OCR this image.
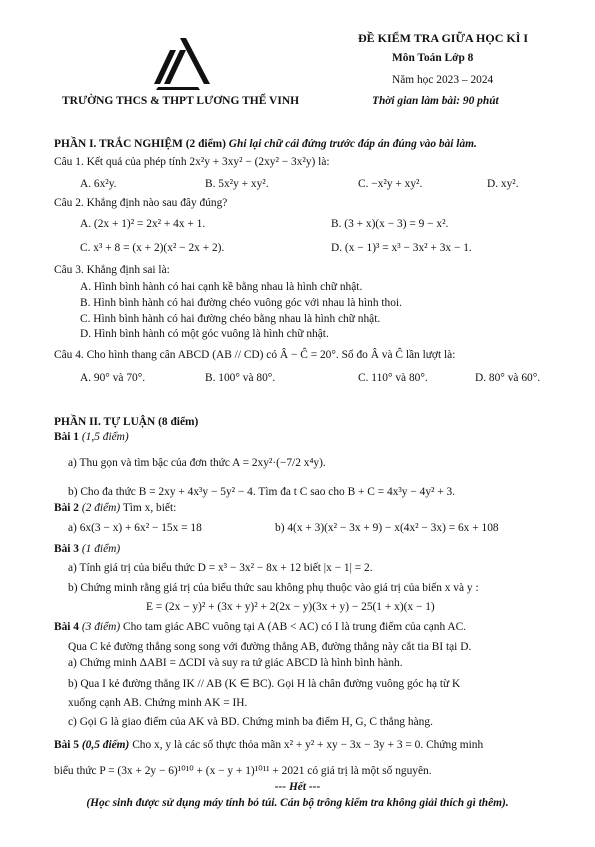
TRƯỜNG THCS & THPT LƯƠNG THẾ VINH
ĐỀ KIỂM TRA GIỮA HỌC KÌ I
Môn Toán Lớp 8
Năm học 2023 – 2024
Thời gian làm bài: 90 phút
PHẦN I. TRẮC NGHIỆM (2 điểm) Ghi lại chữ cái đứng trước đáp án đúng vào bài làm.
Câu 1. Kết quả của phép tính 2x²y + 3xy² − (2xy² − 3x²y) là:
A. 6x²y.	B. 5x²y + xy².	C. −x²y + xy².	D. xy².
Câu 2. Khẳng định nào sau đây đúng?
A. (2x + 1)² = 2x² + 4x + 1.	B. (3 + x)(x − 3) = 9 − x².
C. x³ + 8 = (x + 2)(x² − 2x + 2).	D. (x − 1)³ = x³ − 3x² + 3x − 1.
Câu 3. Khẳng định sai là:
A. Hình bình hành có hai cạnh kề bằng nhau là hình chữ nhật.
B. Hình bình hành có hai đường chéo vuông góc với nhau là hình thoi.
C. Hình bình hành có hai đường chéo bằng nhau là hình chữ nhật.
D. Hình bình hành có một góc vuông là hình chữ nhật.
Câu 4. Cho hình thang cân ABCD (AB // CD) có Â − Ĉ = 20°. Số đo Â và Ĉ lần lượt là:
A. 90° và 70°.	B. 100° và 80°.	C. 110° và 80°.	D. 80° và 60°.
PHẦN II. TỰ LUẬN (8 điểm)
Bài 1 (1,5 điểm)
a) Thu gọn và tìm bậc của đơn thức A = 2xy²·(−7/2 x⁴y).
b) Cho đa thức B = 2xy + 4x³y − 5y² − 4. Tìm đa t C sao cho B + C = 4x³y − 4y² + 3.
Bài 2 (2 điểm) Tìm x, biết:
a) 6x(3 − x) + 6x² − 15x = 18	b) 4(x + 3)(x² − 3x + 9) − x(4x² − 3x) = 6x + 108
Bài 3 (1 điểm)
a) Tính giá trị của biểu thức D = x³ − 3x² − 8x + 12 biết |x − 1| = 2.
b) Chứng minh rằng giá trị của biểu thức sau không phụ thuộc vào giá trị của biến x và y :
E = (2x − y)² + (3x + y)² + 2(2x − y)(3x + y) − 25(1 + x)(x − 1)
Bài 4 (3 điểm) Cho tam giác ABC vuông tại A (AB < AC) có I là trung điểm của cạnh AC.
Qua C kẻ đường thẳng song song với đường thẳng AB, đường thẳng này cắt tia BI tại D.
a) Chứng minh ΔABI = ΔCDI và suy ra tứ giác ABCD là hình bình hành.
b) Qua I kẻ đường thẳng IK // AB (K ∈ BC). Gọi H là chân đường vuông góc hạ từ K
xuống cạnh AB. Chứng minh AK = IH.
c) Gọi G là giao điểm của AK và BD. Chứng minh ba điểm H, G, C thẳng hàng.
Bài 5 (0,5 điểm) Cho x, y là các số thực thỏa mãn x² + y² + xy − 3x − 3y + 3 = 0. Chứng minh
biểu thức P = (3x + 2y − 6)¹⁰¹⁰ + (x − y + 1)¹⁰¹¹ + 2021 có giá trị là một số nguyên.
--- Hết ---
(Học sinh được sử dụng máy tính bỏ túi. Cán bộ trông kiểm tra không giải thích gì thêm).
